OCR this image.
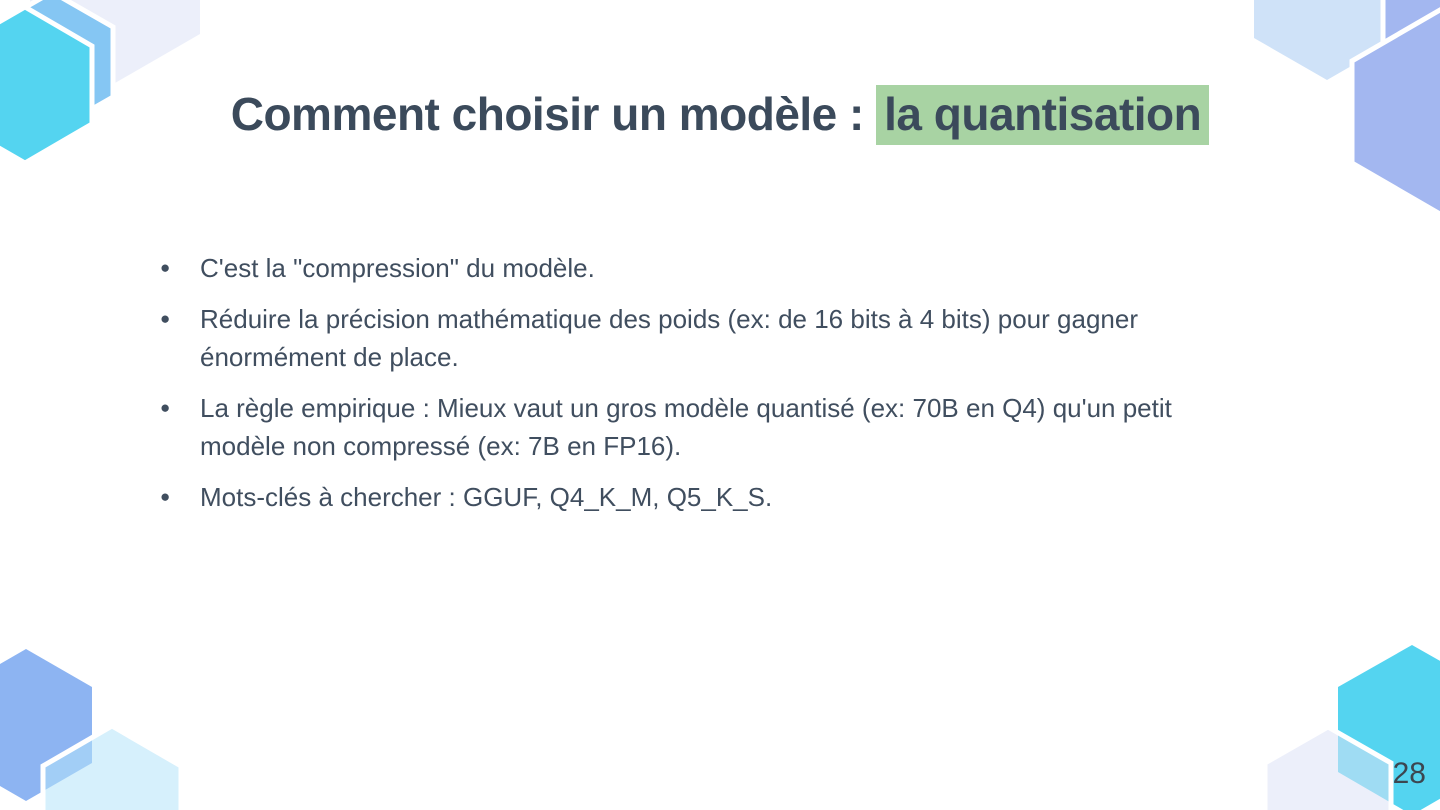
Comment choisir un modèle : la quantisation
●	C'est la "compression" du modèle.
●	Réduire la précision mathématique des poids (ex: de 16 bits à 4 bits) pour gagner énormément de place.
●	La règle empirique : Mieux vaut un gros modèle quantisé (ex: 70B en Q4) qu'un petit modèle non compressé (ex: 7B en FP16).
●	Mots-clés à chercher : GGUF, Q4_K_M, Q5_K_S.
28
